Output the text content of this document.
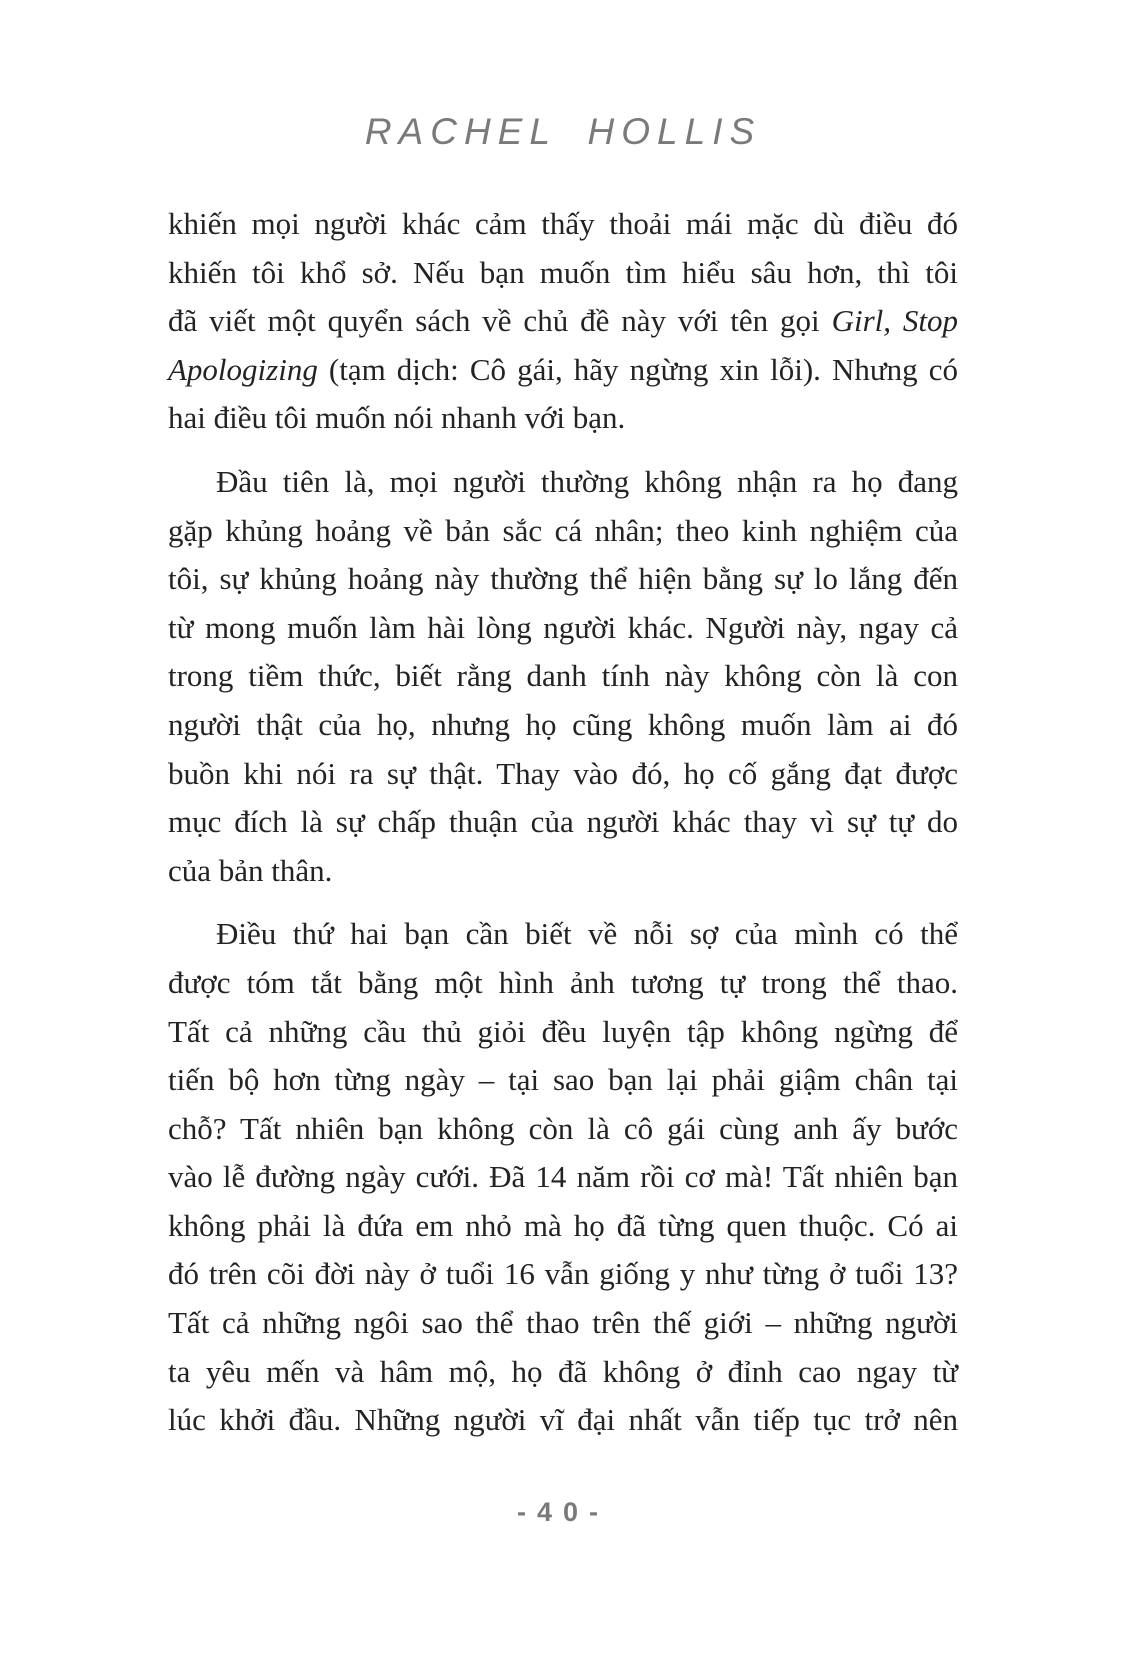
RACHEL HOLLIS
khiến mọi người khác cảm thấy thoải mái mặc dù điều đó
khiến tôi khổ sở. Nếu bạn muốn tìm hiểu sâu hơn, thì tôi
đã viết một quyển sách về chủ đề này với tên gọi Girl, Stop
Apologizing (tạm dịch: Cô gái, hãy ngừng xin lỗi). Nhưng có
hai điều tôi muốn nói nhanh với bạn.
Đầu tiên là, mọi người thường không nhận ra họ đang
gặp khủng hoảng về bản sắc cá nhân; theo kinh nghiệm của
tôi, sự khủng hoảng này thường thể hiện bằng sự lo lắng đến
từ mong muốn làm hài lòng người khác. Người này, ngay cả
trong tiềm thức, biết rằng danh tính này không còn là con
người thật của họ, nhưng họ cũng không muốn làm ai đó
buồn khi nói ra sự thật. Thay vào đó, họ cố gắng đạt được
mục đích là sự chấp thuận của người khác thay vì sự tự do
của bản thân.
Điều thứ hai bạn cần biết về nỗi sợ của mình có thể
được tóm tắt bằng một hình ảnh tương tự trong thể thao.
Tất cả những cầu thủ giỏi đều luyện tập không ngừng để
tiến bộ hơn từng ngày – tại sao bạn lại phải giậm chân tại
chỗ? Tất nhiên bạn không còn là cô gái cùng anh ấy bước
vào lễ đường ngày cưới. Đã 14 năm rồi cơ mà! Tất nhiên bạn
không phải là đứa em nhỏ mà họ đã từng quen thuộc. Có ai
đó trên cõi đời này ở tuổi 16 vẫn giống y như từng ở tuổi 13?
Tất cả những ngôi sao thể thao trên thế giới – những người
ta yêu mến và hâm mộ, họ đã không ở đỉnh cao ngay từ
lúc khởi đầu. Những người vĩ đại nhất vẫn tiếp tục trở nên
-40-
